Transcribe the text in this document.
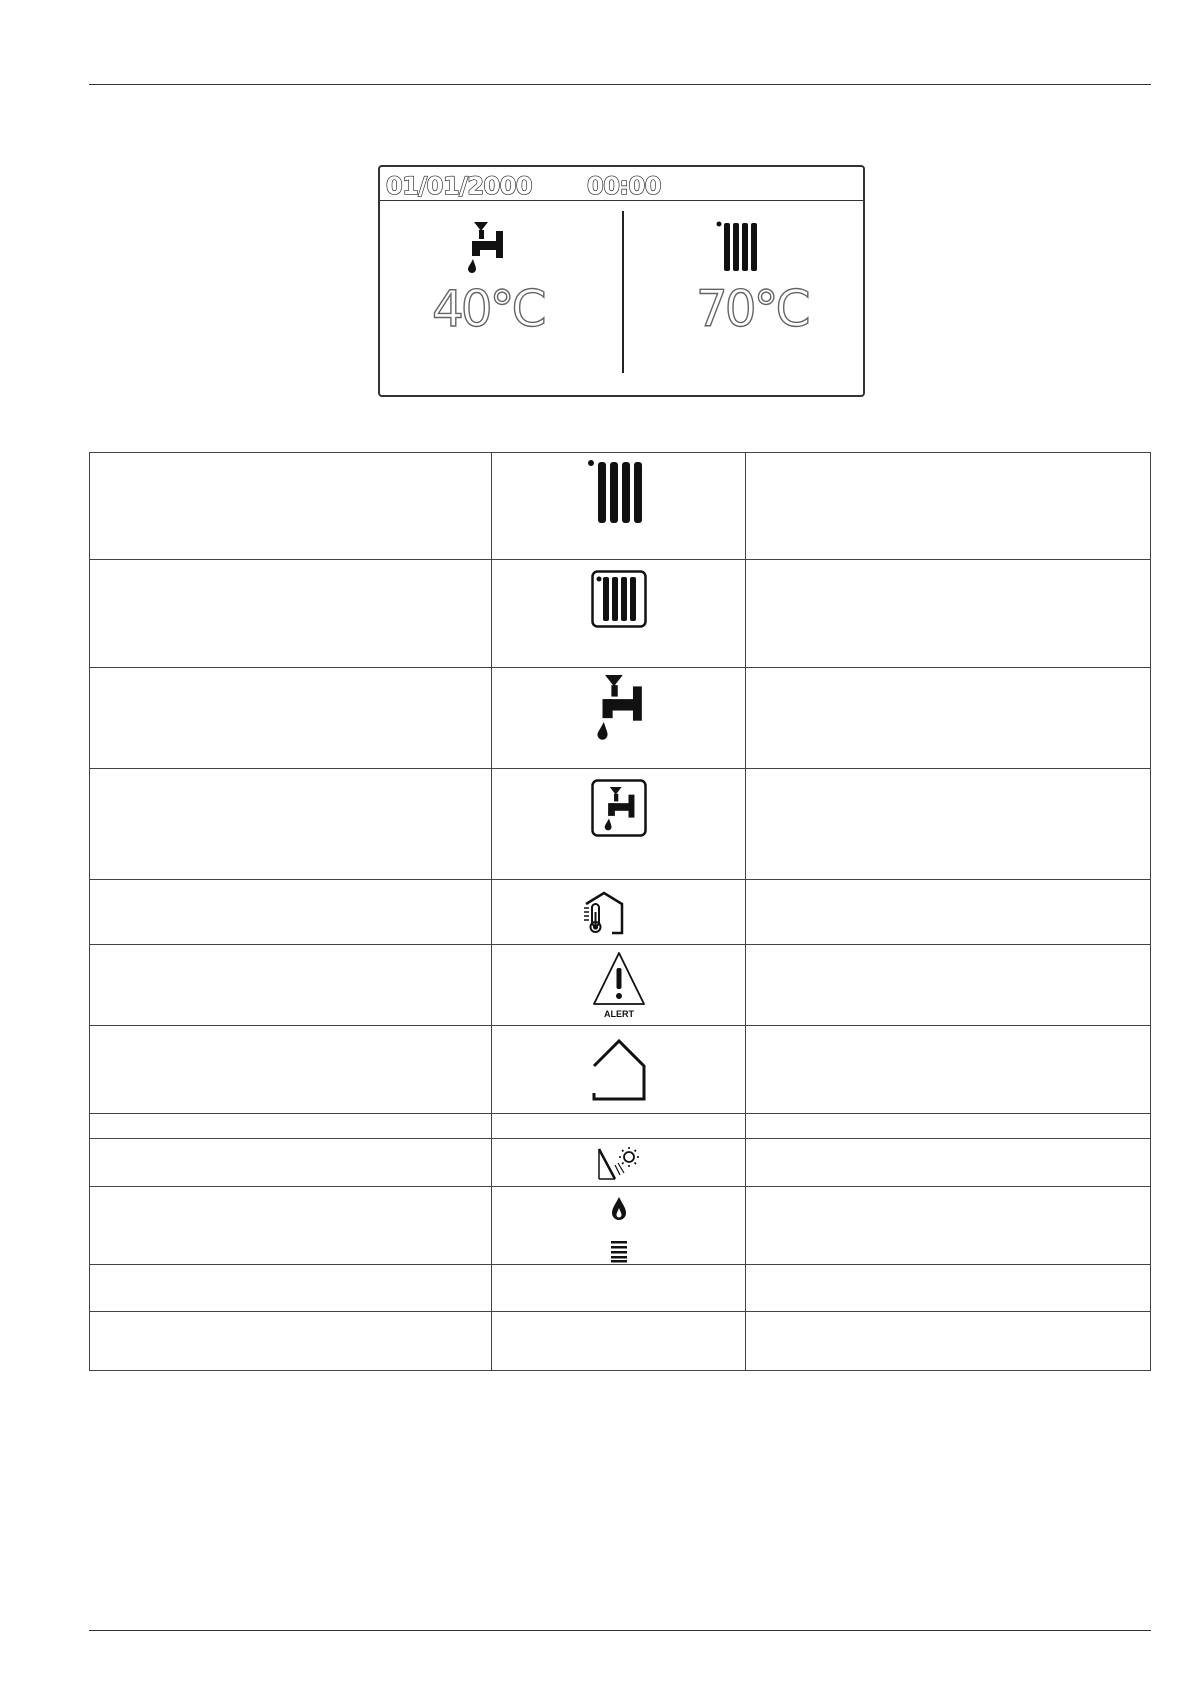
01/01/2000 00:00
40°C	70°C
ALERT
